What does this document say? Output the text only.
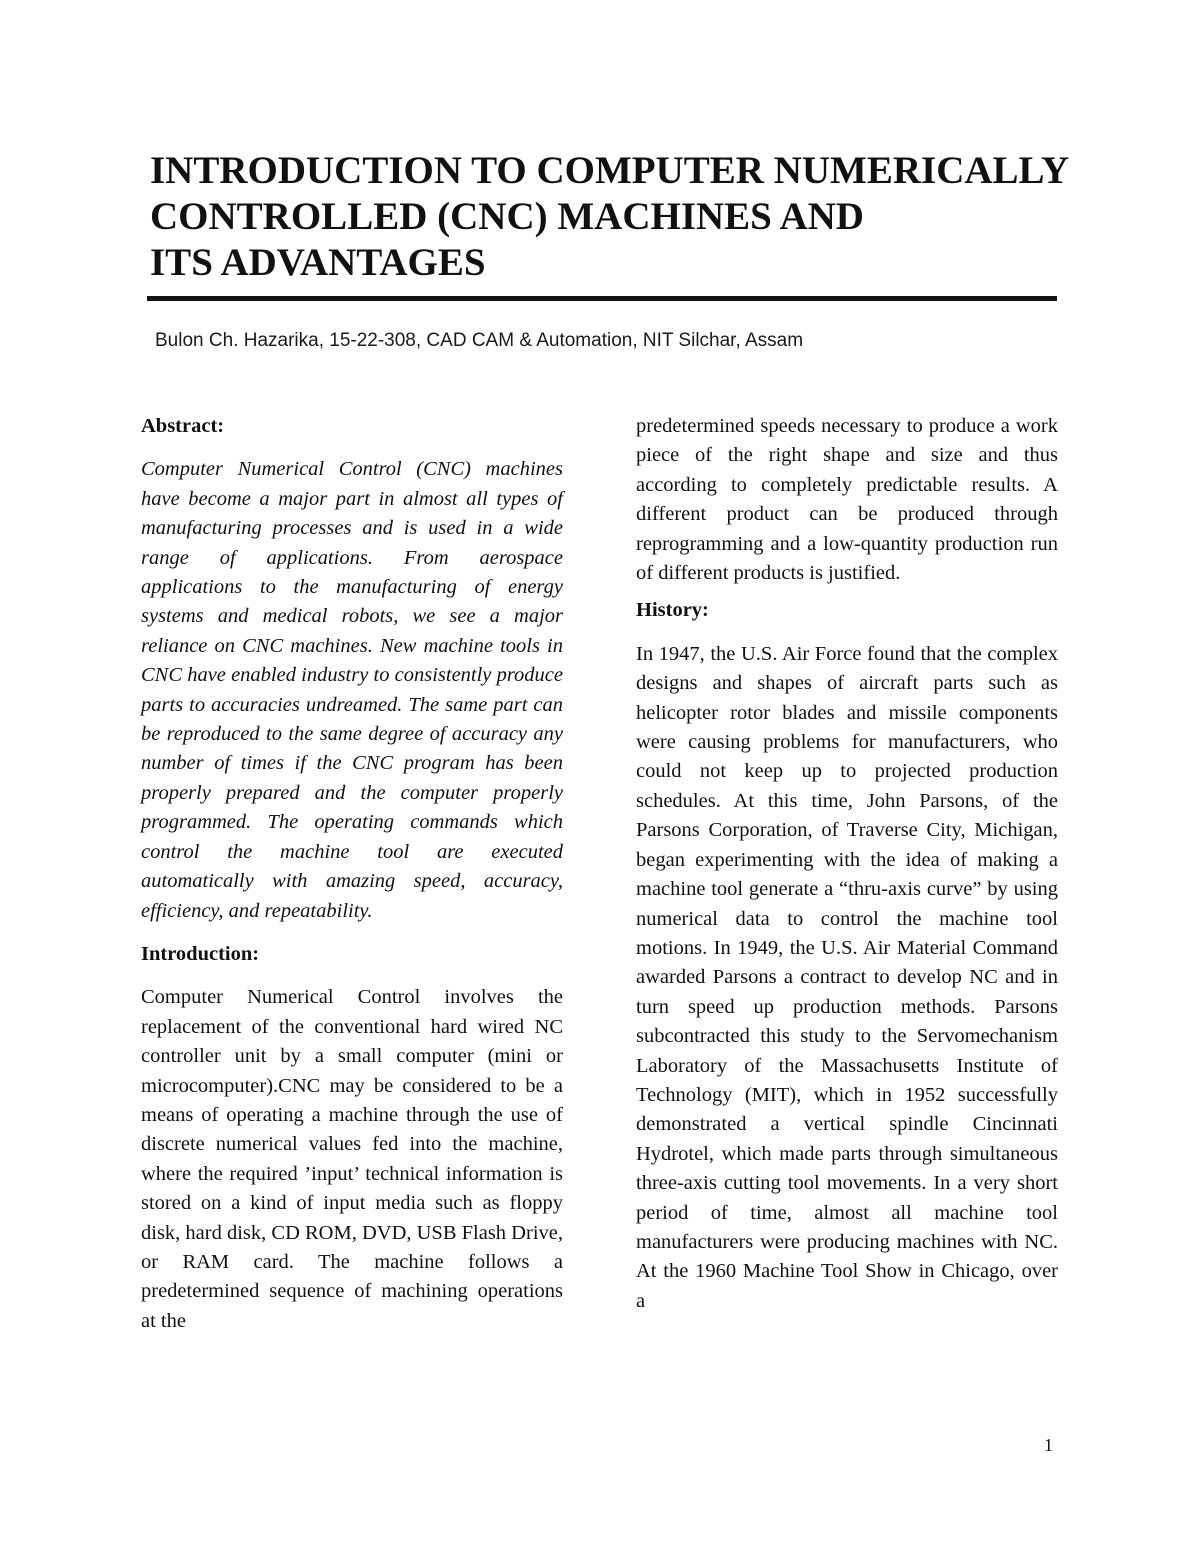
INTRODUCTION TO COMPUTER NUMERICALLY
CONTROLLED (CNC) MACHINES AND
ITS ADVANTAGES
Bulon Ch. Hazarika, 15-22-308, CAD CAM & Automation, NIT Silchar, Assam
Abstract:

Computer Numerical Control (CNC) machines have become a major part in almost all types of manufacturing processes and is used in a wide range of applications. From aerospace applications to the manufacturing of energy systems and medical robots, we see a major reliance on CNC machines. New machine tools in CNC have enabled industry to consistently produce parts to accuracies undreamed. The same part can be reproduced to the same degree of accuracy any number of times if the CNC program has been properly prepared and the computer properly programmed. The operating commands which control the machine tool are executed automatically with amazing speed, accuracy, efficiency, and repeatability.

Introduction:

Computer Numerical Control involves the replacement of the conventional hard wired NC controller unit by a small computer (mini or microcomputer).CNC may be considered to be a means of operating a machine through the use of discrete numerical values fed into the machine, where the required ’input’ technical information is stored on a kind of input media such as floppy disk, hard disk, CD ROM, DVD, USB Flash Drive, or RAM card. The machine follows a predetermined sequence of machining operations at the

predetermined speeds necessary to produce a work piece of the right shape and size and thus according to completely predictable results. A different product can be produced through reprogramming and a low-quantity production run of different products is justified.

History:

In 1947, the U.S. Air Force found that the complex designs and shapes of aircraft parts such as helicopter rotor blades and missile components were causing problems for manufacturers, who could not keep up to projected production schedules. At this time, John Parsons, of the Parsons Corporation, of Traverse City, Michigan, began experimenting with the idea of making a machine tool generate a “thru-axis curve” by using numerical data to control the machine tool motions. In 1949, the U.S. Air Material Command awarded Parsons a contract to develop NC and in turn speed up production methods. Parsons subcontracted this study to the Servomechanism Laboratory of the Massachusetts Institute of Technology (MIT), which in 1952 successfully demonstrated a vertical spindle Cincinnati Hydrotel, which made parts through simultaneous three-axis cutting tool movements. In a very short period of time, almost all machine tool manufacturers were producing machines with NC. At the 1960 Machine Tool Show in Chicago, over a

1
